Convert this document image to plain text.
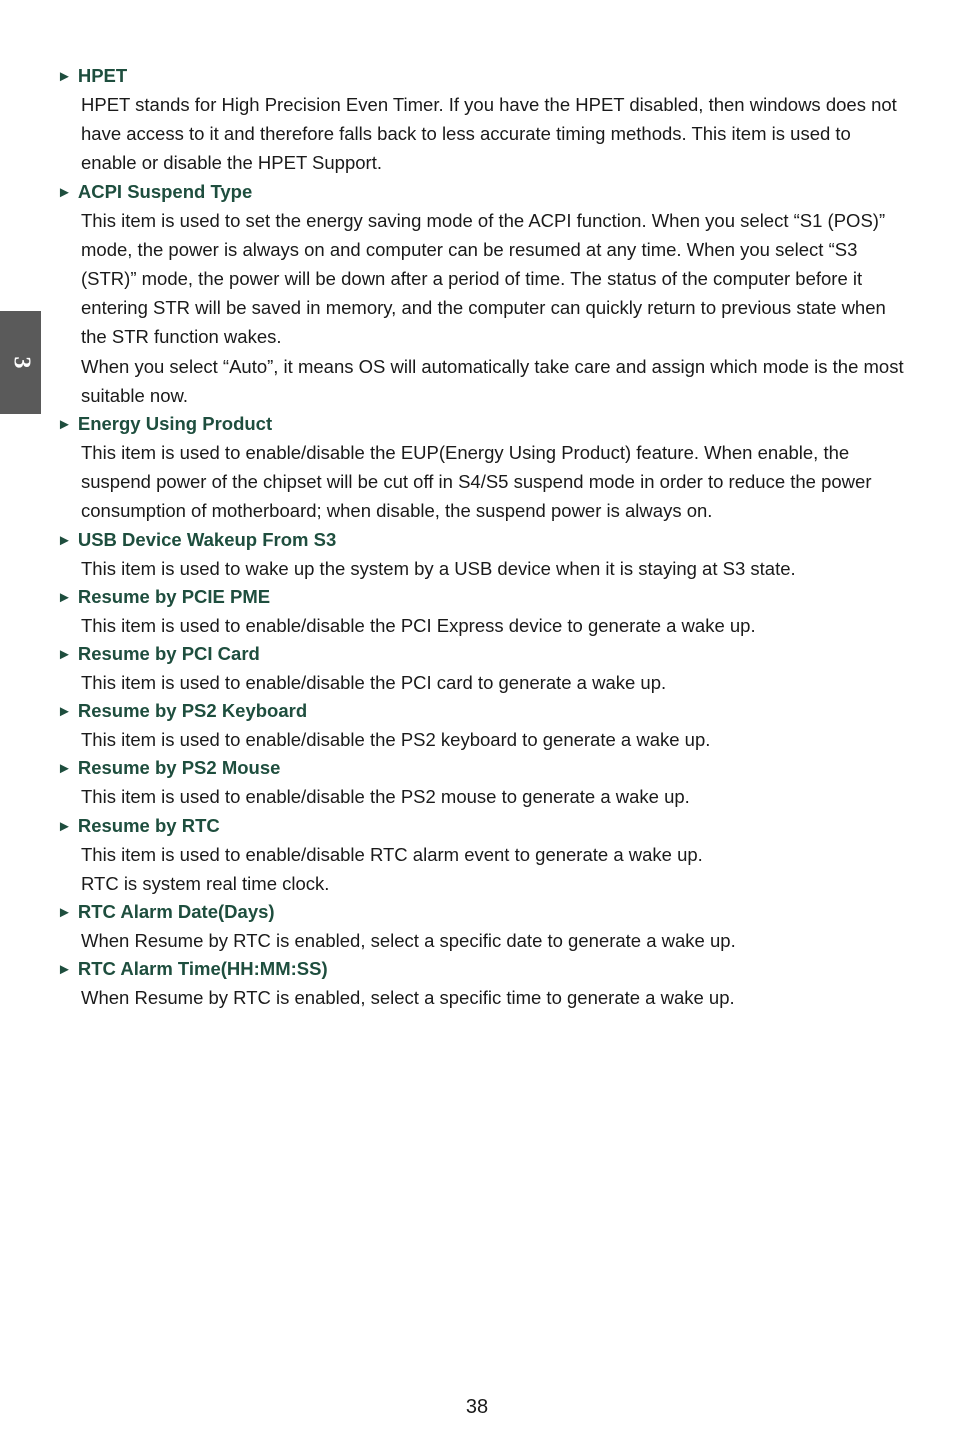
3
► HPET

HPET stands for High Precision Even Timer. If you have the HPET disabled, then windows does not have access to it and therefore falls back to less accurate timing methods. This item is used to enable or disable the HPET Support.

► ACPI Suspend Type

This item is used to set the energy saving mode of the ACPI function. When you select “S1 (POS)” mode, the power is always on and computer can be resumed at any time. When you select “S3 (STR)” mode, the power will be down after a period of time. The status of the computer before it entering STR will be saved in memory, and the computer can quickly return to previous state when the STR function wakes.

When you select “Auto”, it means OS will automatically take care and assign which mode is the most suitable now.

► Energy Using Product

This item is used to enable/disable the EUP(Energy Using Product) feature. When enable, the suspend power of the chipset will be cut off in S4/S5 suspend mode in order to reduce the power consumption of motherboard; when disable, the suspend power is always on.

► USB Device Wakeup From S3

This item is used to wake up the system by a USB device when it is staying at S3 state.

► Resume by PCIE PME

This item is used to enable/disable the PCI Express device to generate a wake up.

► Resume by PCI Card

This item is used to enable/disable the PCI card to generate a wake up.

► Resume by PS2 Keyboard

This item is used to enable/disable the PS2 keyboard to generate a wake up.

► Resume by PS2 Mouse

This item is used to enable/disable the PS2 mouse to generate a wake up.

► Resume by RTC

This item is used to enable/disable RTC alarm event to generate a wake up.

RTC is system real time clock.

► RTC Alarm Date(Days)

When Resume by RTC is enabled, select a specific date to generate a wake up.

► RTC Alarm Time(HH:MM:SS)

When Resume by RTC is enabled, select a specific time to generate a wake up.

38
